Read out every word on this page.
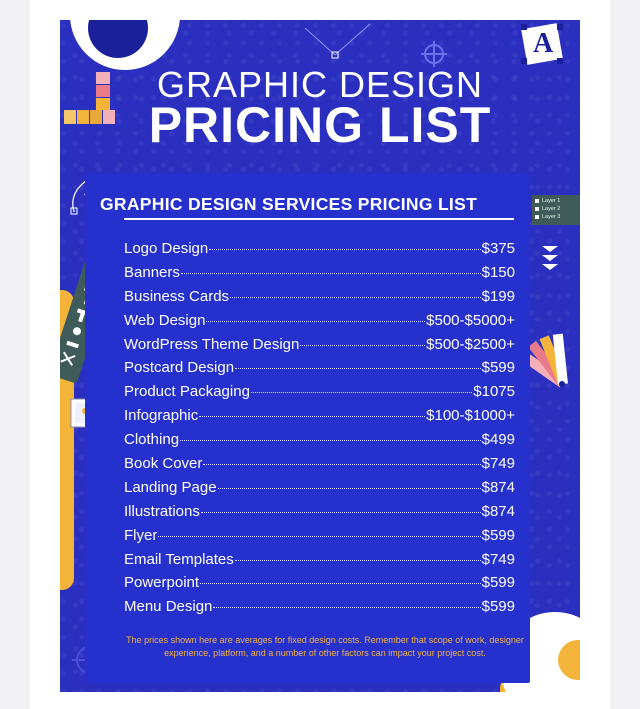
A
Layer 1
Layer 2
Layer 3
GRAPHIC DESIGN
PRICING LIST
GRAPHIC DESIGN SERVICES PRICING LIST
Logo Design	$375
Banners	$150
Business Cards	$199
Web Design	$500-$5000+
WordPress Theme Design	$500-$2500+
Postcard Design	$599
Product Packaging	$1075
Infographic	$100-$1000+
Clothing	$499
Book Cover	$749
Landing Page	$874
Illustrations	$874
Flyer	$599
Email Templates	$749
Powerpoint	$599
Menu Design	$599
The prices shown here are averages for fixed design costs. Remember that scope of work, designer experience, platform, and a number of other factors can impact your project cost.
